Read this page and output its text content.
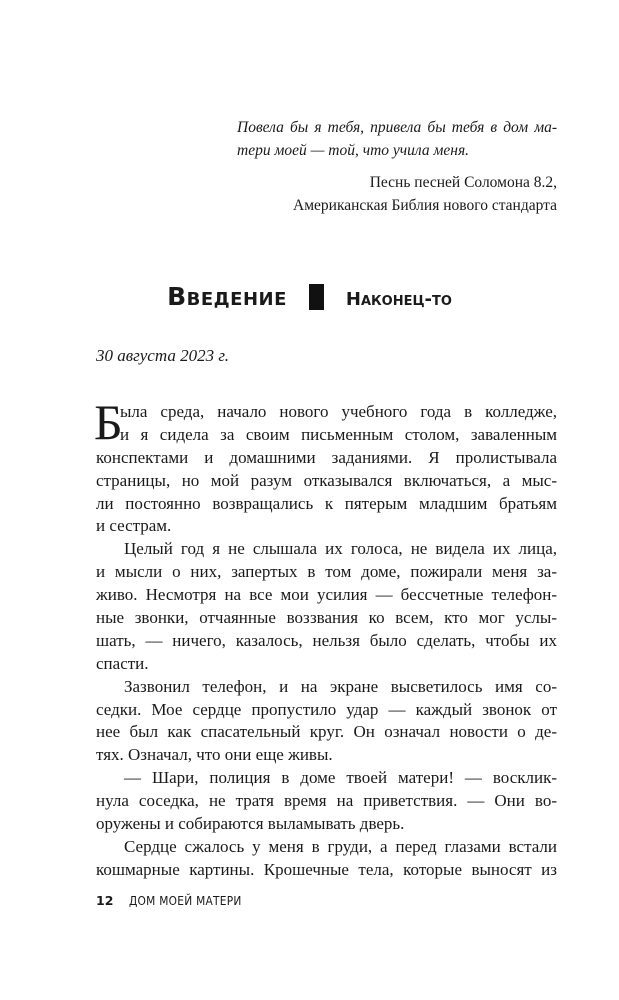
Повела бы я тебя, привела бы тебя в дом ма-
тери моей — той, что учила меня.
Песнь песней Соломона 8.2,
Американская Библия нового стандарта
Введение	Наконец-то
30 августа 2023 г.
Б
ыла среда, начало нового учебного года в колледже,
и я сидела за своим письменным столом, заваленным
конспектами и домашними заданиями. Я пролистывала
страницы, но мой разум отказывался включаться, а мыс-
ли постоянно возвращались к пятерым младшим братьям
и сестрам.
Целый год я не слышала их голоса, не видела их лица,
и мысли о них, запертых в том доме, пожирали меня за-
живо. Несмотря на все мои усилия — бессчетные телефон-
ные звонки, отчаянные воззвания ко всем, кто мог услы-
шать, — ничего, казалось, нельзя было сделать, чтобы их
спасти.
Зазвонил телефон, и на экране высветилось имя со-
седки. Мое сердце пропустило удар — каждый звонок от
нее был как спасательный круг. Он означал новости о де-
тях. Означал, что они еще живы.
— Шари, полиция в доме твоей матери! — восклик-
нула соседка, не тратя время на приветствия. — Они во-
оружены и собираются выламывать дверь.
Сердце сжалось у меня в груди, а перед глазами встали
кошмарные картины. Крошечные тела, которые выносят из
12 ДОМ МОЕЙ МАТЕРИ
